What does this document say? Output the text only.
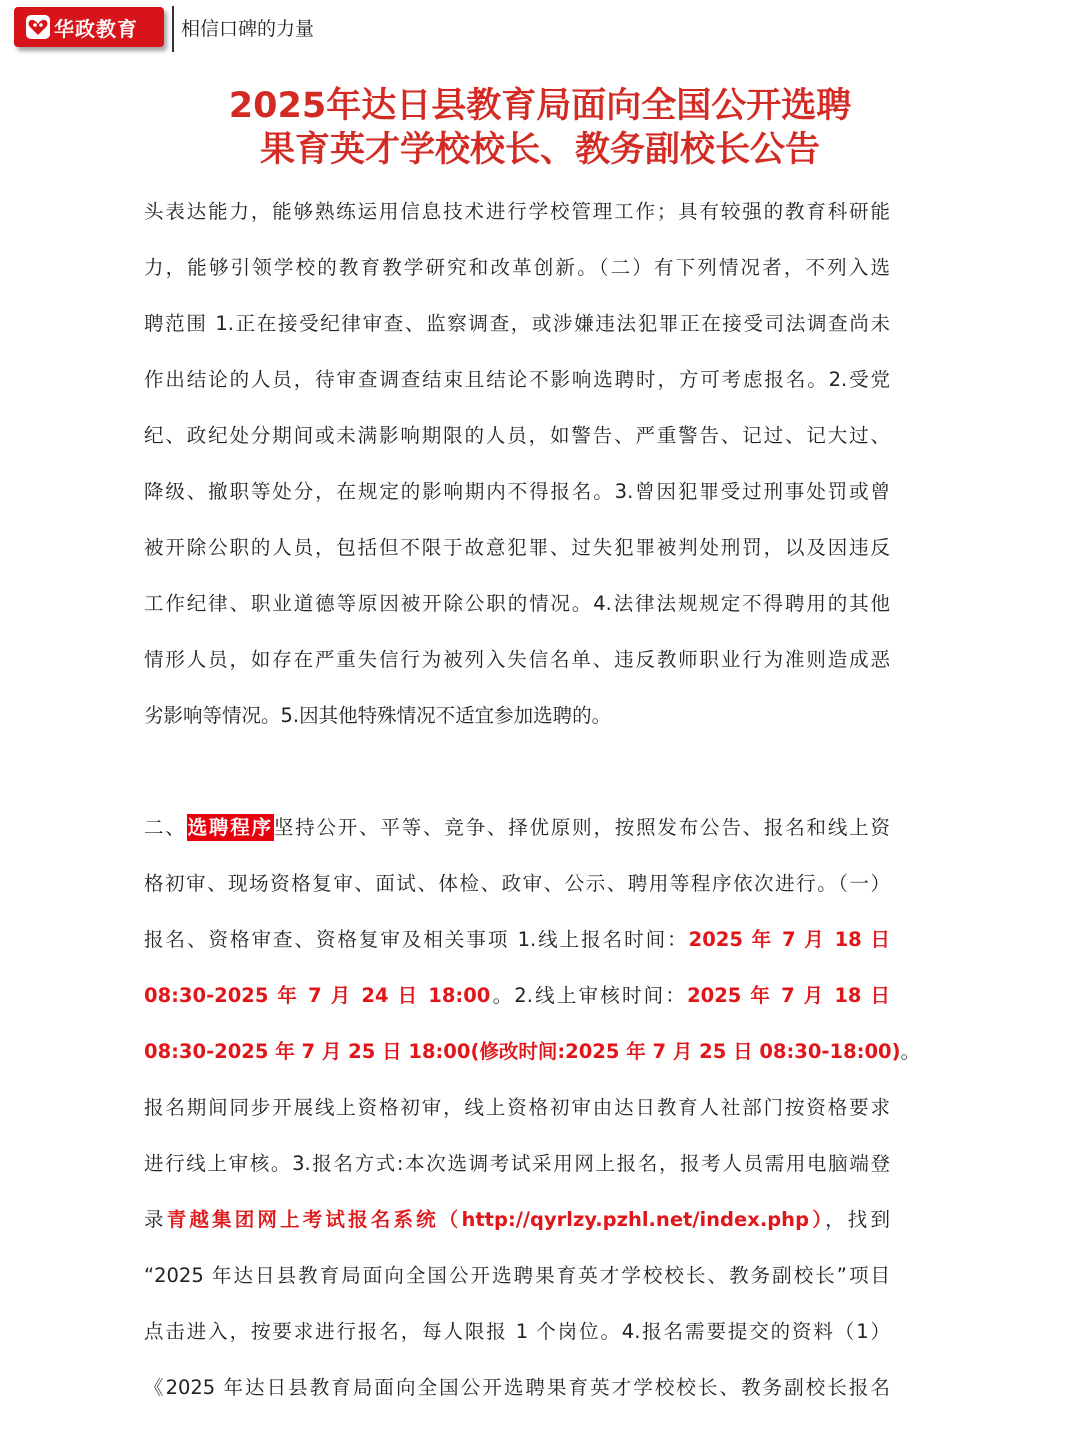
华政教育 相信口碑的力量
2025年达日县教育局面向全国公开选聘
果育英才学校校长、教务副校长公告
头表达能力，能够熟练运用信息技术进行学校管理工作；具有较强的教育科研能
力，能够引领学校的教育教学研究和改革创新。（二）有下列情况者，不列入选
聘范围 1.正在接受纪律审查、监察调查，或涉嫌违法犯罪正在接受司法调查尚未
作出结论的人员，待审查调查结束且结论不影响选聘时，方可考虑报名。2.受党
纪、政纪处分期间或未满影响期限的人员，如警告、严重警告、记过、记大过、
降级、撤职等处分，在规定的影响期内不得报名。3.曾因犯罪受过刑事处罚或曾
被开除公职的人员，包括但不限于故意犯罪、过失犯罪被判处刑罚，以及因违反
工作纪律、职业道德等原因被开除公职的情况。4.法律法规规定不得聘用的其他
情形人员，如存在严重失信行为被列入失信名单、违反教师职业行为准则造成恶
劣影响等情况。5.因其他特殊情况不适宜参加选聘的。
二、选聘程序坚持公开、平等、竞争、择优原则，按照发布公告、报名和线上资
格初审、现场资格复审、面试、体检、政审、公示、聘用等程序依次进行。（一）
报名、资格审查、资格复审及相关事项 1.线上报名时间：2025 年 7 月 18 日
08:30-2025 年 7 月 24 日 18:00。2.线上审核时间：2025 年 7 月 18 日
08:30-2025 年 7 月 25 日 18:00(修改时间:2025 年 7 月 25 日 08:30-18:00)。
报名期间同步开展线上资格初审，线上资格初审由达日教育人社部门按资格要求
进行线上审核。3.报名方式:本次选调考试采用网上报名，报考人员需用电脑端登
录青越集团网上考试报名系统（http://qyrlzy.pzhl.net/index.php），找到
“2025 年达日县教育局面向全国公开选聘果育英才学校校长、教务副校长”项目
点击进入，按要求进行报名，每人限报 1 个岗位。4.报名需要提交的资料（1）
《2025 年达日县教育局面向全国公开选聘果育英才学校校长、教务副校长报名
